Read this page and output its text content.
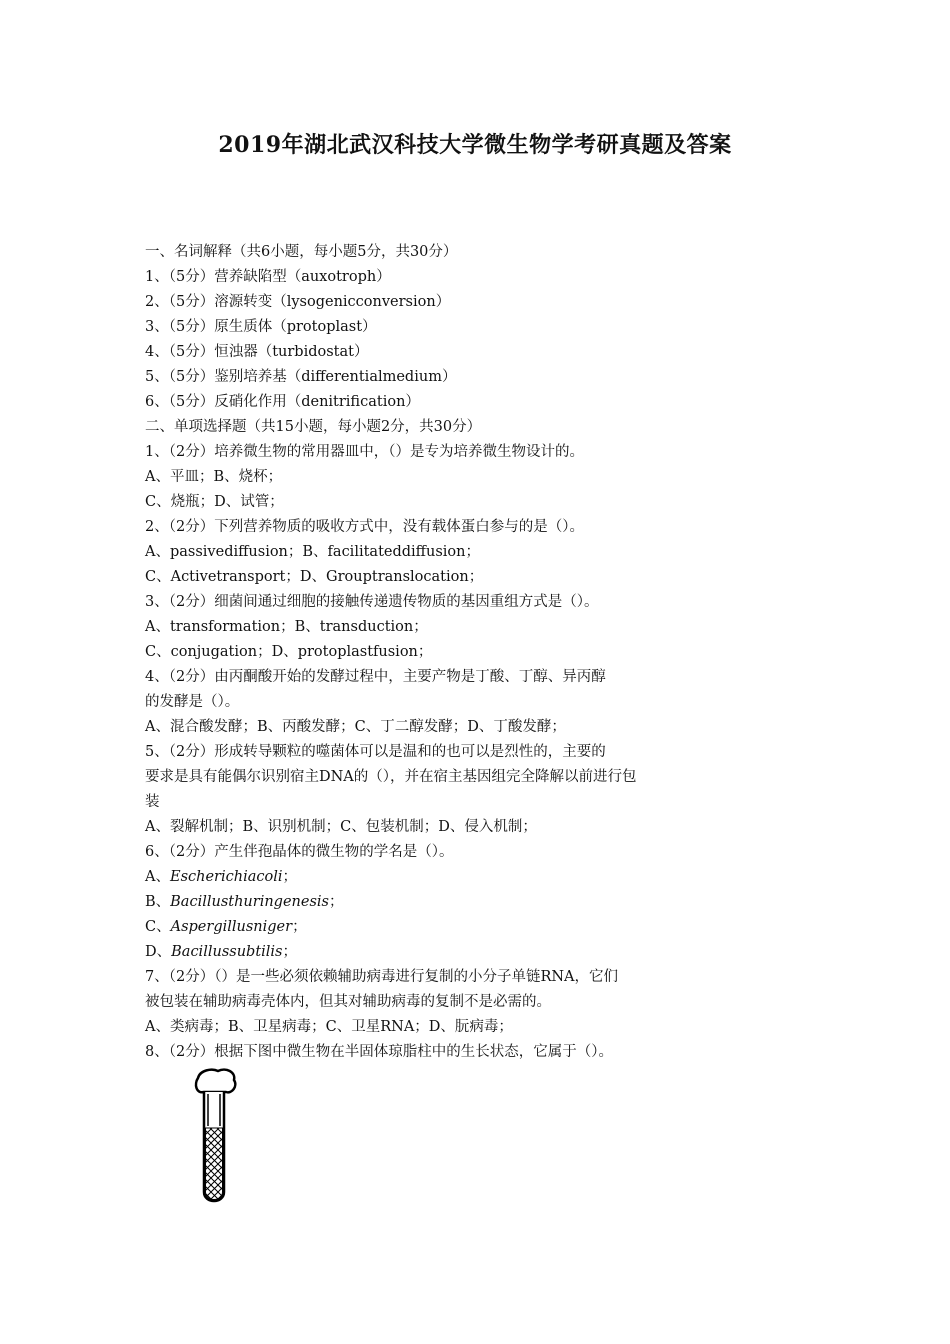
2019年湖北武汉科技大学微生物学考研真题及答案

一、名词解释（共6小题，每小题5分，共30分）

1、（5分）营养缺陷型（auxotroph）

2、（5分）溶源转变（lysogenicconversion）

3、（5分）原生质体（protoplast）

4、（5分）恒浊器（turbidostat）

5、（5分）鉴别培养基（differentialmedium）

6、（5分）反硝化作用（denitrification）

二、单项选择题（共15小题，每小题2分，共30分）

1、（2分）培养微生物的常用器皿中，（）是专为培养微生物设计的。

A、平皿；B、烧杯；

C、烧瓶；D、试管；

2、（2分）下列营养物质的吸收方式中，没有载体蛋白参与的是（）。

A、passivediffusion；B、facilitateddiffusion；

C、Activetransport；D、Grouptranslocation；

3、（2分）细菌间通过细胞的接触传递遗传物质的基因重组方式是（）。

A、transformation；B、transduction；

C、conjugation；D、protoplastfusion；

4、（2分）由丙酮酸开始的发酵过程中，主要产物是丁酸、丁醇、异丙醇

的发酵是（）。

A、混合酸发酵；B、丙酸发酵；C、丁二醇发酵；D、丁酸发酵；

5、（2分）形成转导颗粒的噬菌体可以是温和的也可以是烈性的，主要的

要求是具有能偶尔识别宿主DNA的（），并在宿主基因组完全降解以前进行包

装

A、裂解机制；B、识别机制；C、包装机制；D、侵入机制；

6、（2分）产生伴孢晶体的微生物的学名是（）。

A、Escherichiacoli；

B、Bacillusthuringenesis；

C、Aspergillusniger；

D、Bacillussubtilis；

7、（2分）（）是一些必须依赖辅助病毒进行复制的小分子单链RNA，它们

被包装在辅助病毒壳体内，但其对辅助病毒的复制不是必需的。

A、类病毒；B、卫星病毒；C、卫星RNA；D、朊病毒；

8、（2分）根据下图中微生物在半固体琼脂柱中的生长状态，它属于（）。
